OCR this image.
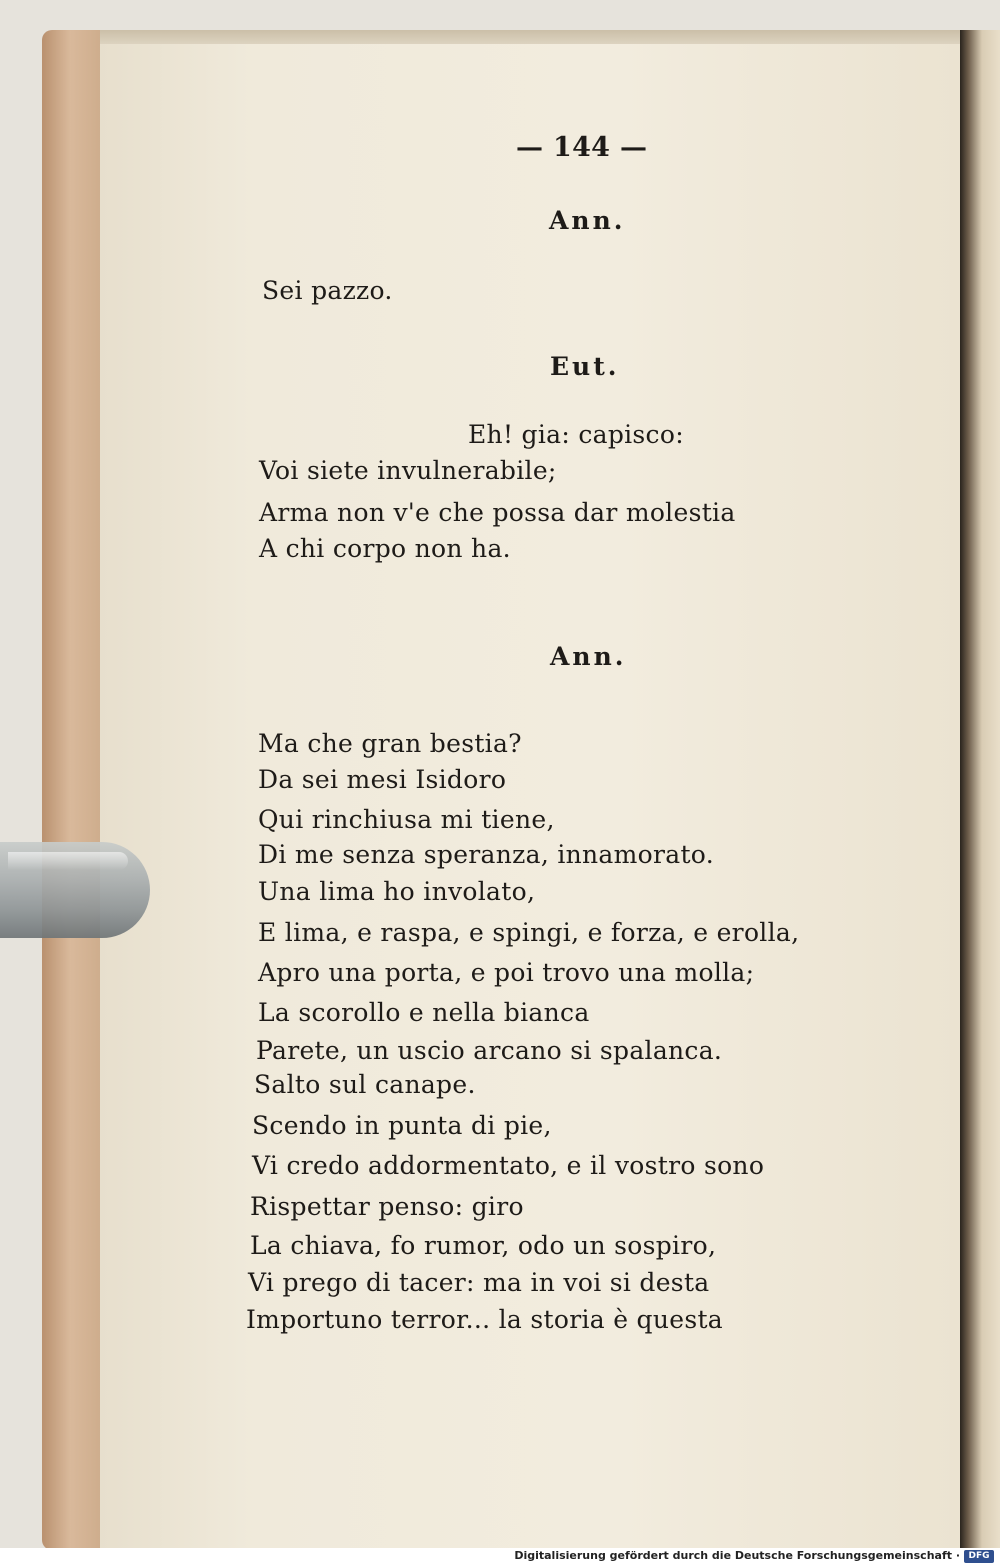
— 144 —
Ann.
Sei pazzo.
Eut.
Eh! gia: capisco:
Voi siete invulnerabile;
Arma non v'e che possa dar molestia
A chi corpo non ha.
Ann.
Ma che gran bestia?
Da sei mesi Isidoro
Qui rinchiusa mi tiene,
Di me senza speranza, innamorato.
Una lima ho involato,
E lima, e raspa, e spingi, e forza, e erolla,
Apro una porta, e poi trovo una molla;
La scorollo e nella bianca
Parete, un uscio arcano si spalanca.
Salto sul canape.
Scendo in punta di pie,
Vi credo addormentato, e il vostro sono
Rispettar penso: giro
La chiava, fo rumor, odo un sospiro,
Vi prego di tacer: ma in voi si desta
Importuno terror... la storia è questa
Digitalisierung gefördert durch die Deutsche Forschungsgemeinschaft · DFG
